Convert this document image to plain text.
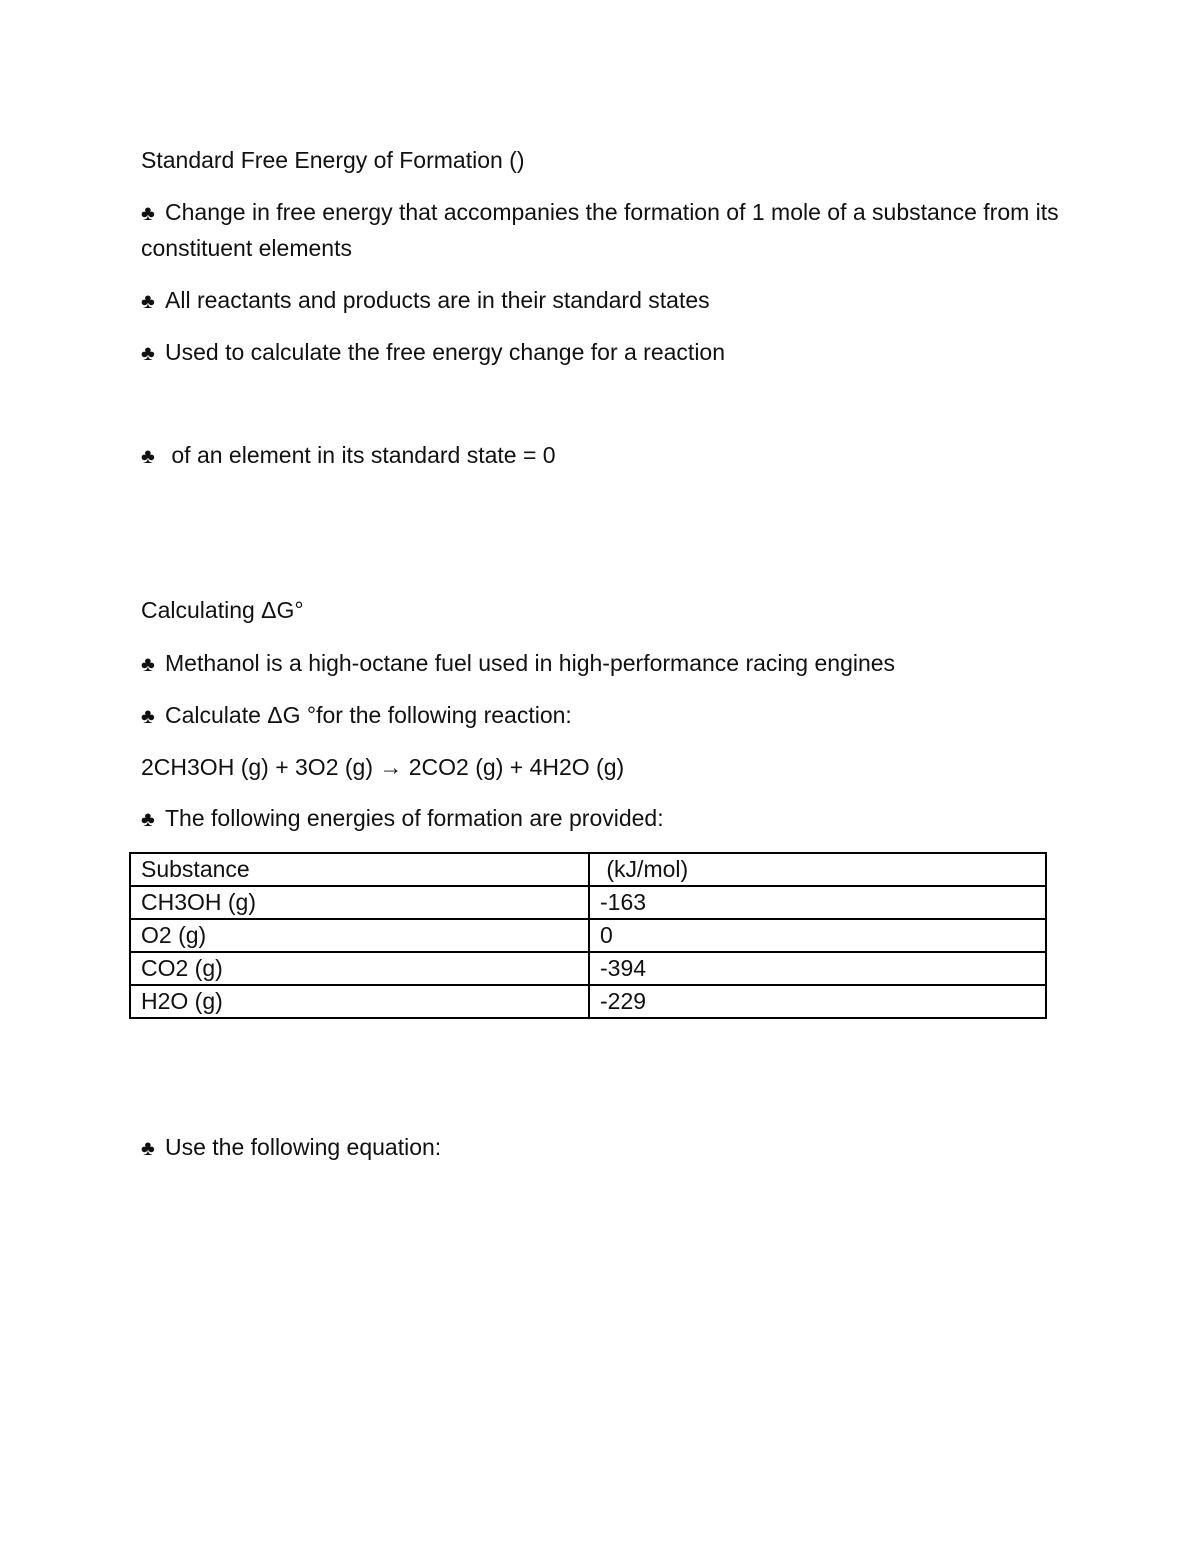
Standard Free Energy of Formation ()
♣ Change in free energy that accompanies the formation of 1 mole of a substance from its constituent elements
♣ All reactants and products are in their standard states
♣ Used to calculate the free energy change for a reaction
♣ of an element in its standard state = 0
Calculating ΔG°
♣ Methanol is a high-octane fuel used in high-performance racing engines
♣ Calculate ΔG °for the following reaction:
2CH3OH (g) + 3O2 (g) → 2CO2 (g) + 4H2O (g)
♣ The following energies of formation are provided:
Substance	(kJ/mol)
CH3OH (g)	-163
O2 (g)	0
CO2 (g)	-394
H2O (g)	-229
♣ Use the following equation:
